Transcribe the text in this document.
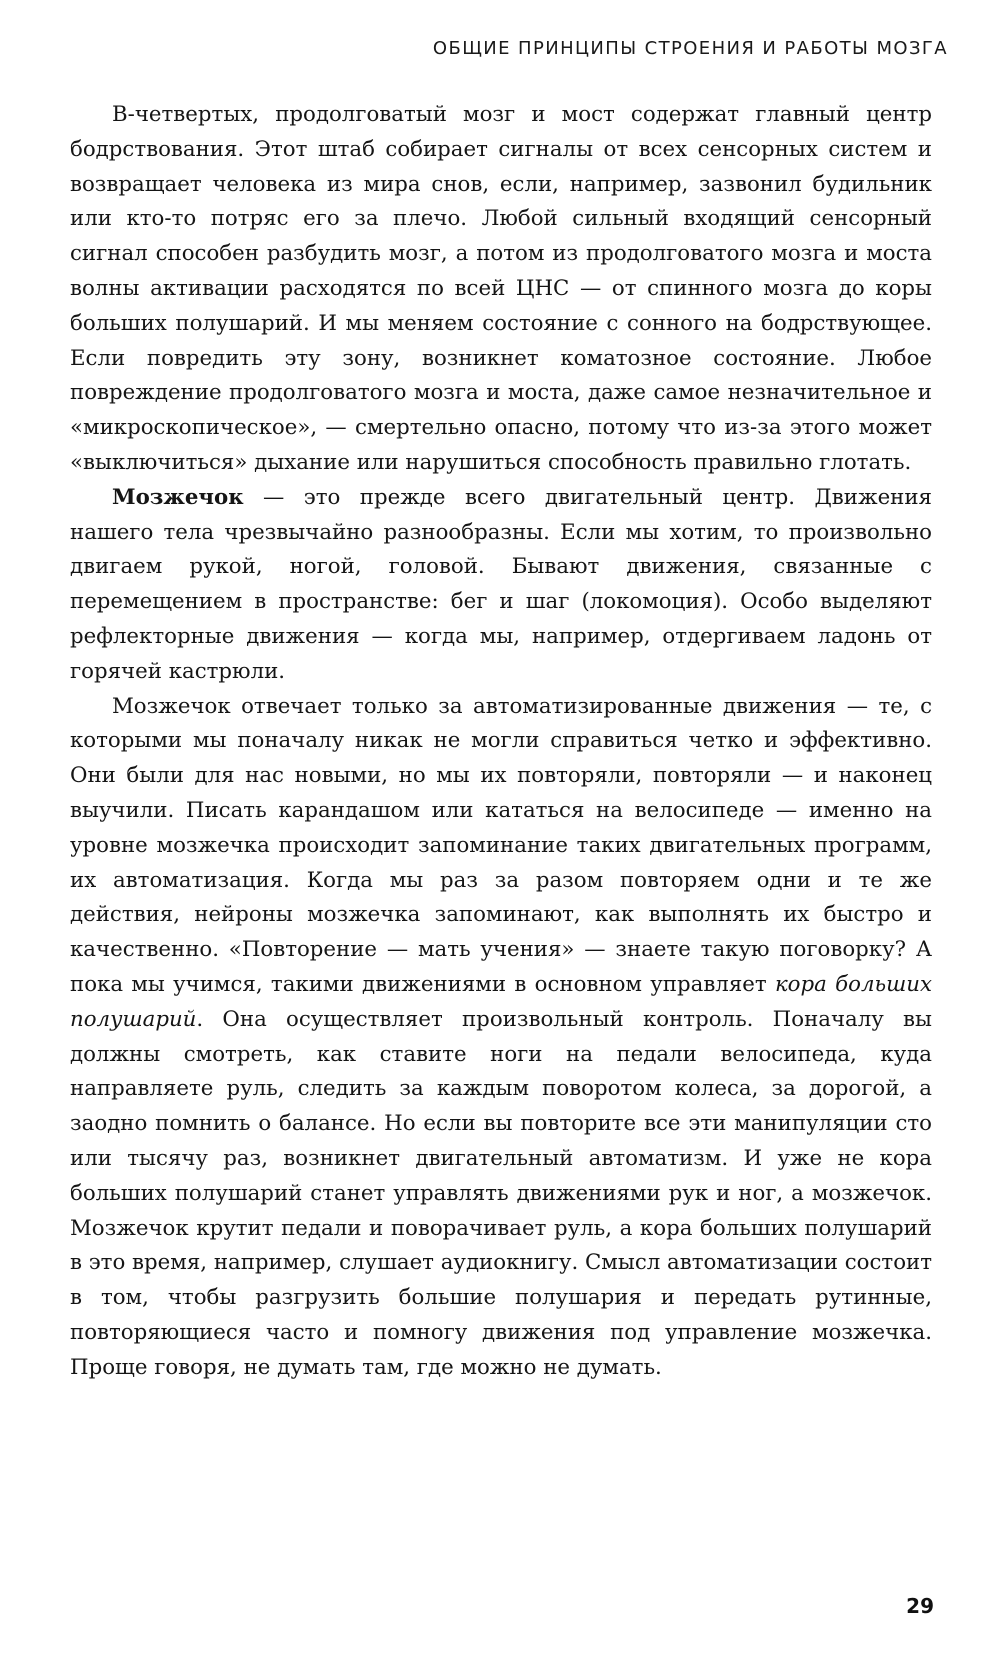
ОБЩИЕ ПРИНЦИПЫ СТРОЕНИЯ И РАБОТЫ МОЗГА

В-четвертых, продолговатый мозг и мост содержат главный центр бодрствования. Этот штаб собирает сигналы от всех сенсорных систем и возвращает человека из мира снов, если, например, зазвонил будильник или кто-то потряс его за плечо. Любой сильный входящий сенсорный сигнал способен разбудить мозг, а потом из продолговатого мозга и моста волны активации расходятся по всей ЦНС — от спинного мозга до коры больших полушарий. И мы меняем состояние с сонного на бодрствующее. Если повредить эту зону, возникнет коматозное состояние. Любое повреждение продолговатого мозга и моста, даже самое незначительное и «микроскопическое», — смертельно опасно, потому что из-за этого может «выключиться» дыхание или нарушиться способность правильно глотать.

Мозжечок — это прежде всего двигательный центр. Движения нашего тела чрезвычайно разнообразны. Если мы хотим, то произвольно двигаем рукой, ногой, головой. Бывают движения, связанные с перемещением в пространстве: бег и шаг (локомоция). Особо выделяют рефлекторные движения — когда мы, например, отдергиваем ладонь от горячей кастрюли.

Мозжечок отвечает только за автоматизированные движения — те, с которыми мы поначалу никак не могли справиться четко и эффективно. Они были для нас новыми, но мы их повторяли, повторяли — и наконец выучили. Писать карандашом или кататься на велосипеде — именно на уровне мозжечка происходит запоминание таких двигательных программ, их автоматизация. Когда мы раз за разом повторяем одни и те же действия, нейроны мозжечка запоминают, как выполнять их быстро и качественно. «Повторение — мать учения» — знаете такую поговорку? А пока мы учимся, такими движениями в основном управляет кора больших полушарий. Она осуществляет произвольный контроль. Поначалу вы должны смотреть, как ставите ноги на педали велосипеда, куда направляете руль, следить за каждым поворотом колеса, за дорогой, а заодно помнить о балансе. Но если вы повторите все эти манипуляции сто или тысячу раз, возникнет двигательный автоматизм. И уже не кора больших полушарий станет управлять движениями рук и ног, а мозжечок. Мозжечок крутит педали и поворачивает руль, а кора больших полушарий в это время, например, слушает аудиокнигу. Смысл автоматизации состоит в том, чтобы разгрузить большие полушария и передать рутинные, повторяющиеся часто и помногу движения под управление мозжечка. Проще говоря, не думать там, где можно не думать.

29
